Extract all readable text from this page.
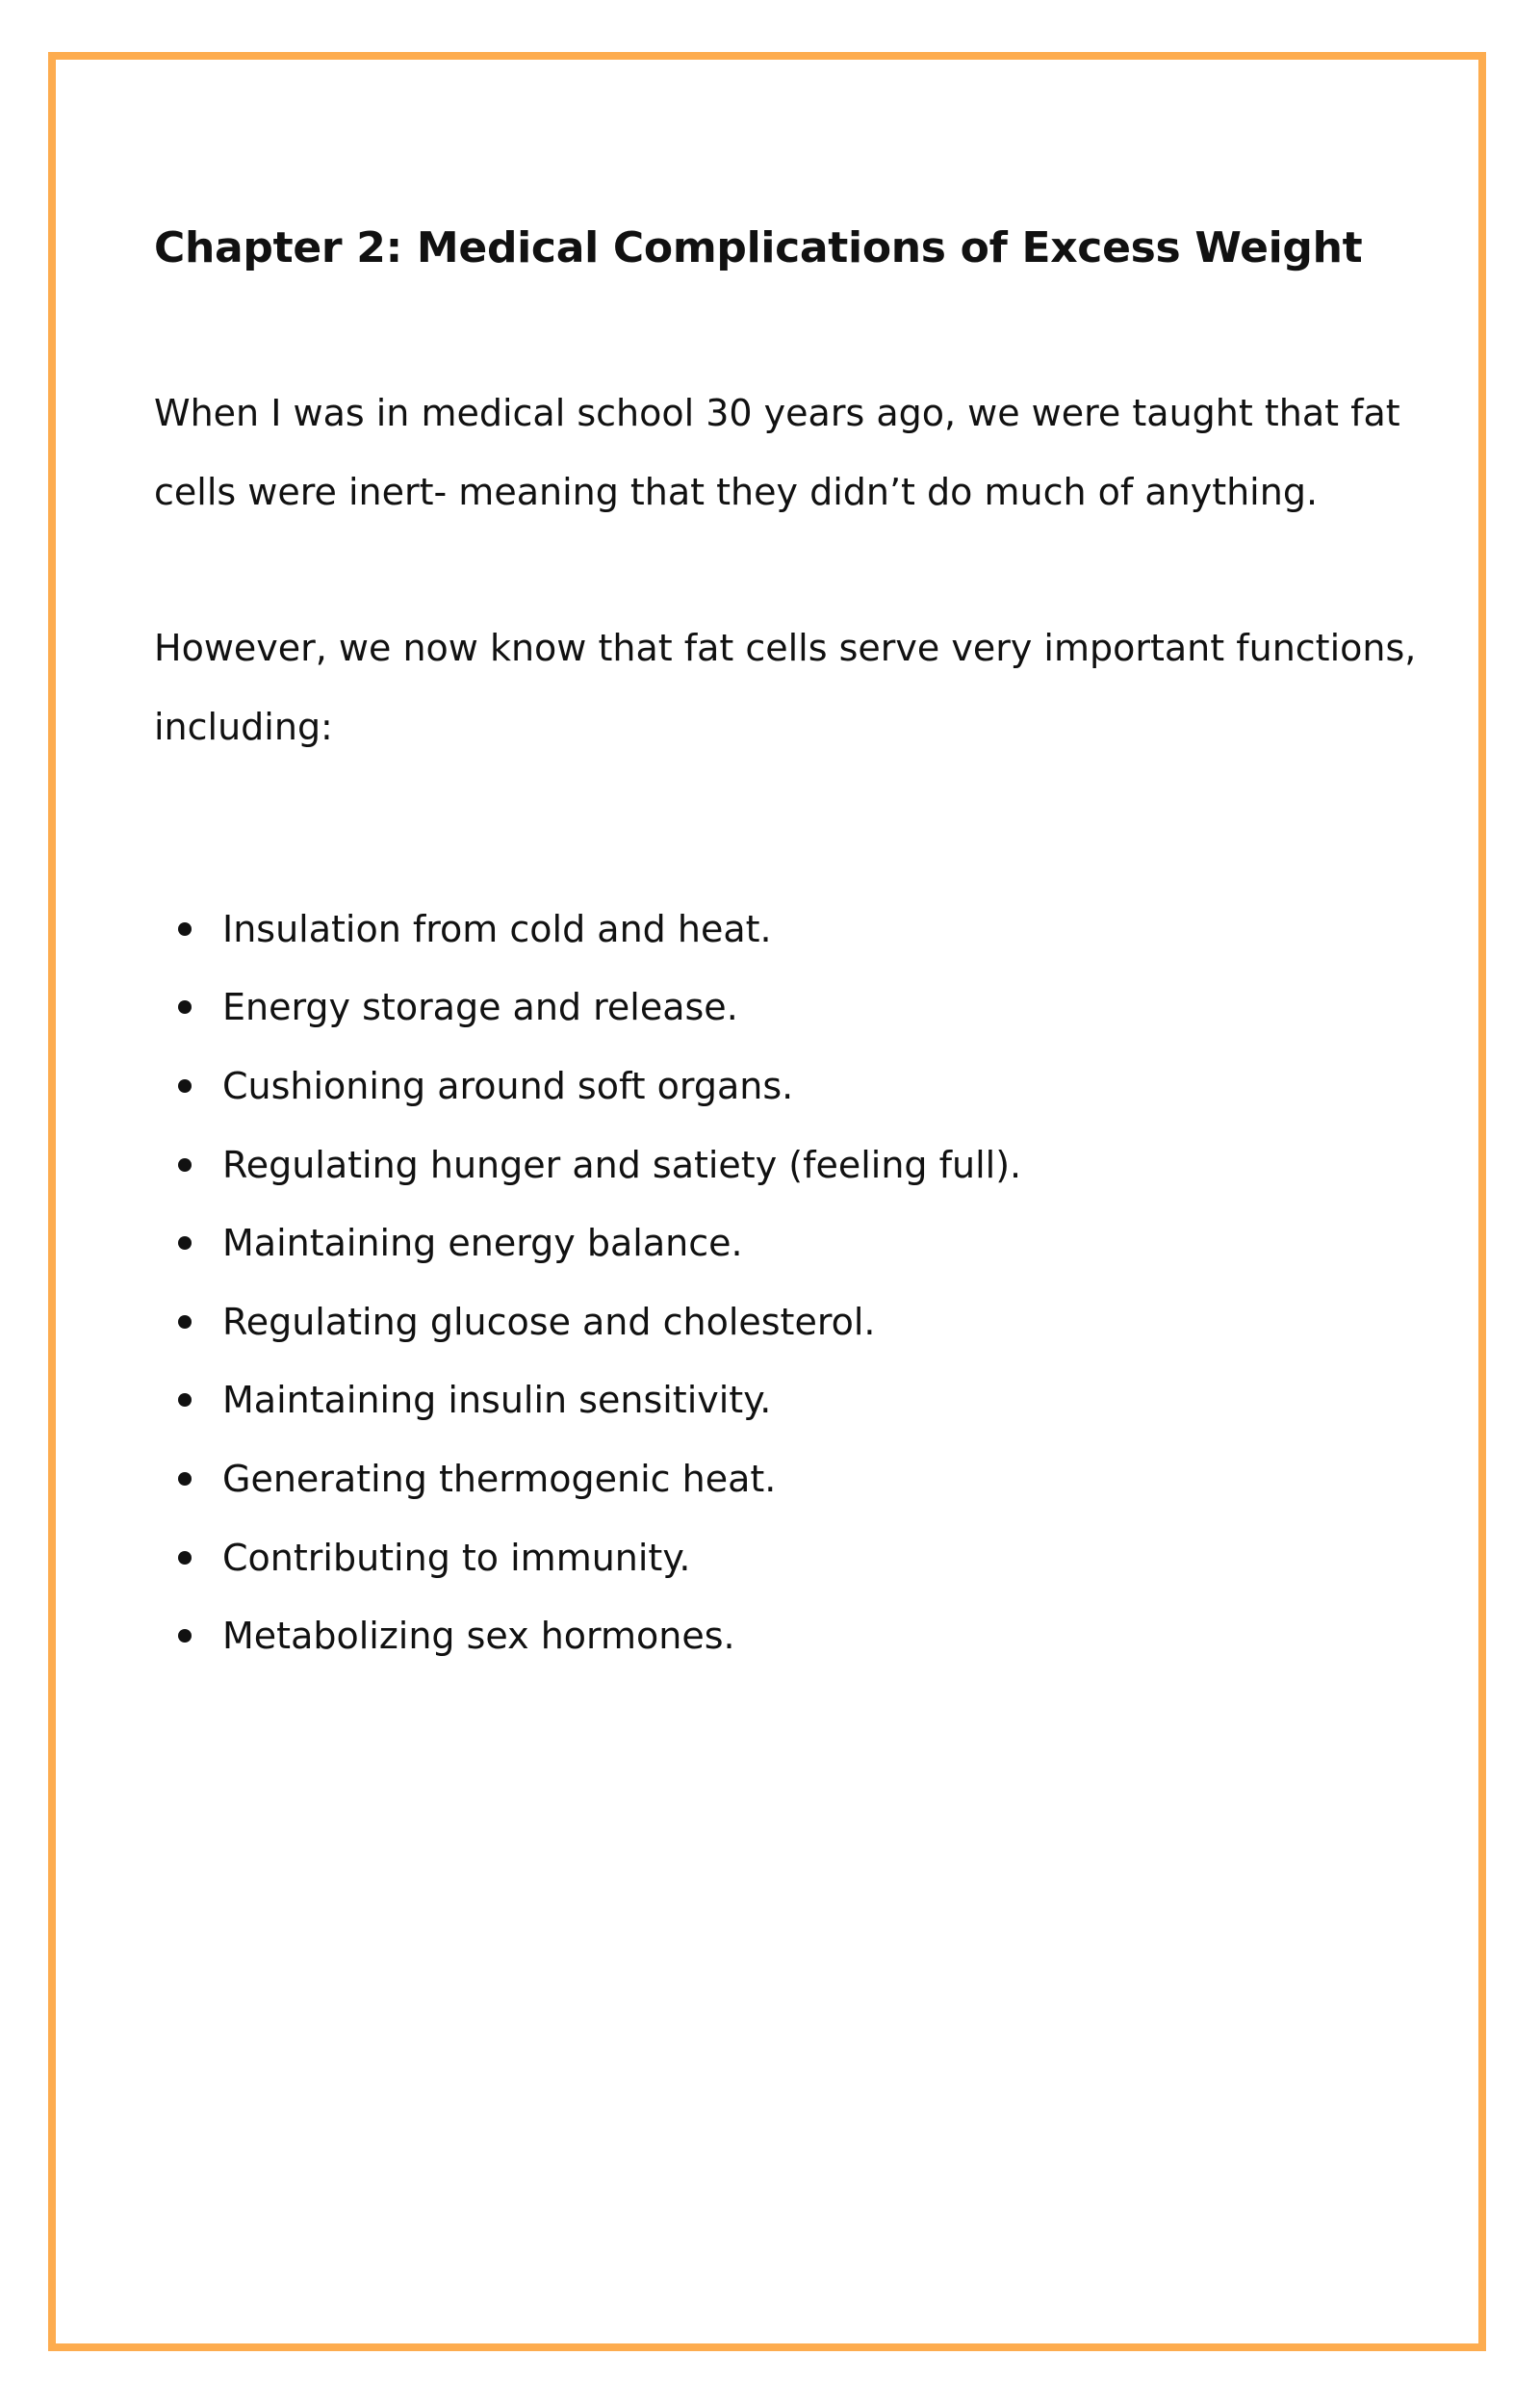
Chapter 2: Medical Complications of Excess Weight

When I was in medical school 30 years ago, we were taught that fat cells were inert- meaning that they didn’t do much of anything.

However, we now know that fat cells serve very important functions, including:

Insulation from cold and heat.
Energy storage and release.
Cushioning around soft organs.
Regulating hunger and satiety (feeling full).
Maintaining energy balance.
Regulating glucose and cholesterol.
Maintaining insulin sensitivity.
Generating thermogenic heat.
Contributing to immunity.
Metabolizing sex hormones.
